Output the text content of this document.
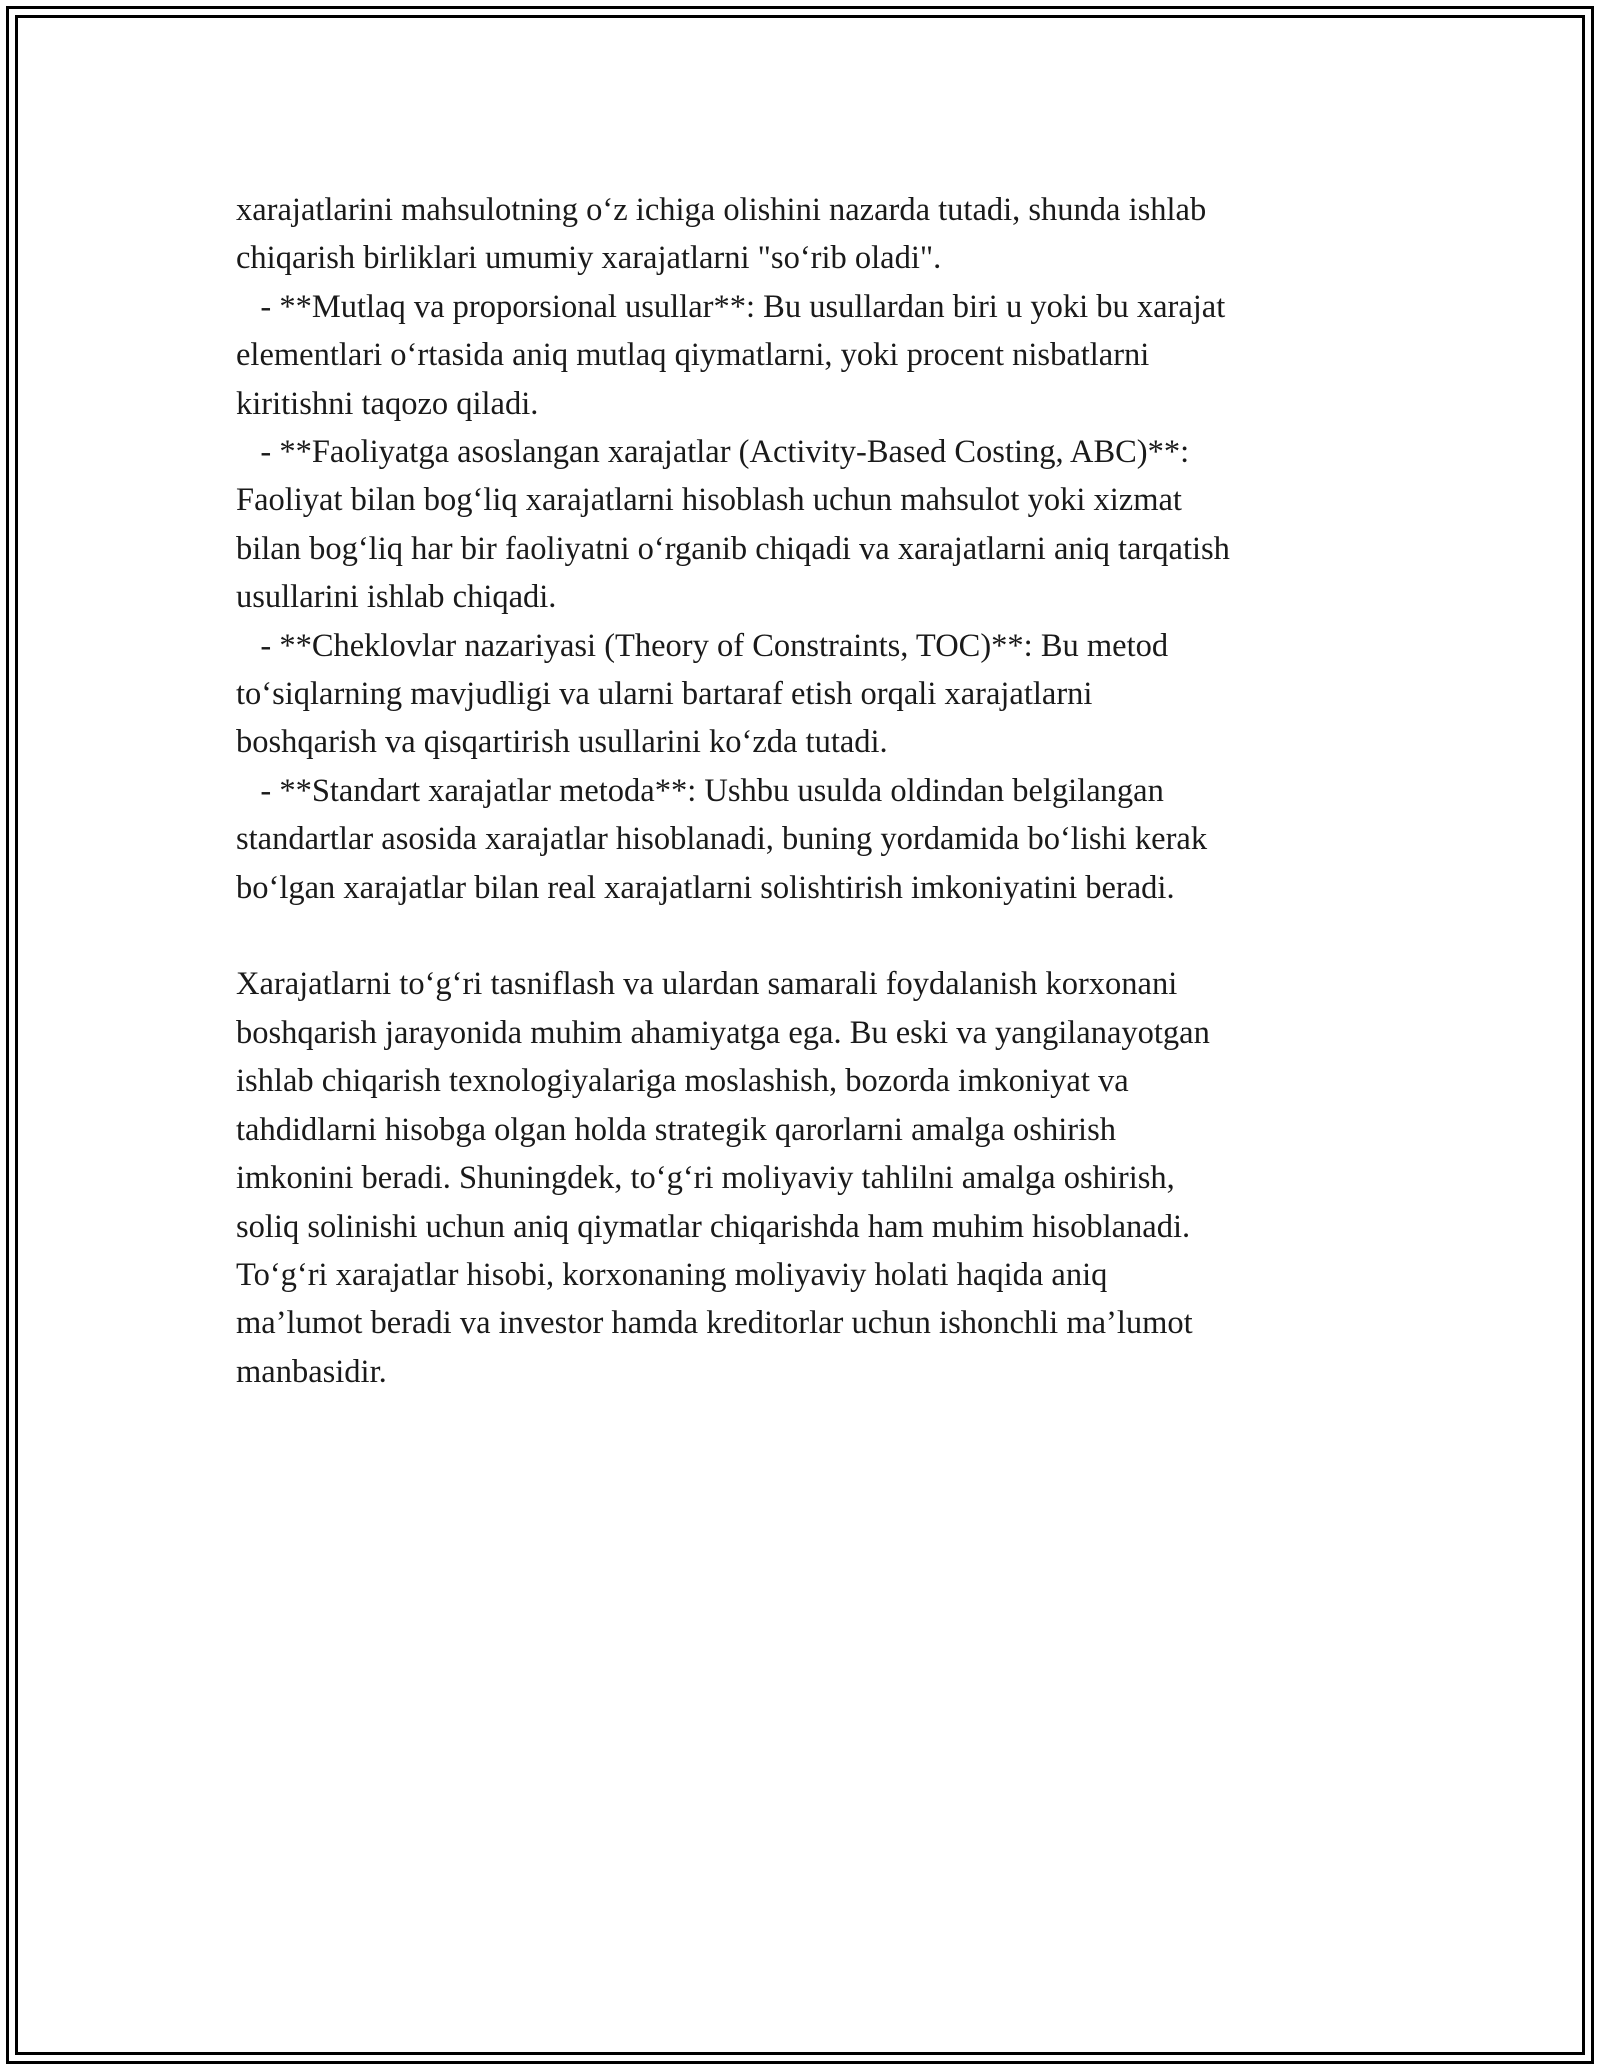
xarajatlarini mahsulotning o‘z ichiga olishini nazarda tutadi, shunda ishlab
chiqarish birliklari umumiy xarajatlarni "so‘rib oladi".
- **Mutlaq va proporsional usullar**: Bu usullardan biri u yoki bu xarajat
elementlari o‘rtasida aniq mutlaq qiymatlarni, yoki procent nisbatlarni
kiritishni taqozo qiladi.
- **Faoliyatga asoslangan xarajatlar (Activity-Based Costing, ABC)**:
Faoliyat bilan bog‘liq xarajatlarni hisoblash uchun mahsulot yoki xizmat
bilan bog‘liq har bir faoliyatni o‘rganib chiqadi va xarajatlarni aniq tarqatish
usullarini ishlab chiqadi.
- **Cheklovlar nazariyasi (Theory of Constraints, TOC)**: Bu metod
to‘siqlarning mavjudligi va ularni bartaraf etish orqali xarajatlarni
boshqarish va qisqartirish usullarini ko‘zda tutadi.
- **Standart xarajatlar metoda**: Ushbu usulda oldindan belgilangan
standartlar asosida xarajatlar hisoblanadi, buning yordamida bo‘lishi kerak
bo‘lgan xarajatlar bilan real xarajatlarni solishtirish imkoniyatini beradi.
Xarajatlarni to‘g‘ri tasniflash va ulardan samarali foydalanish korxonani
boshqarish jarayonida muhim ahamiyatga ega. Bu eski va yangilanayotgan
ishlab chiqarish texnologiyalariga moslashish, bozorda imkoniyat va
tahdidlarni hisobga olgan holda strategik qarorlarni amalga oshirish
imkonini beradi. Shuningdek, to‘g‘ri moliyaviy tahlilni amalga oshirish,
soliq solinishi uchun aniq qiymatlar chiqarishda ham muhim hisoblanadi.
To‘g‘ri xarajatlar hisobi, korxonaning moliyaviy holati haqida aniq
ma’lumot beradi va investor hamda kreditorlar uchun ishonchli ma’lumot
manbasidir.
